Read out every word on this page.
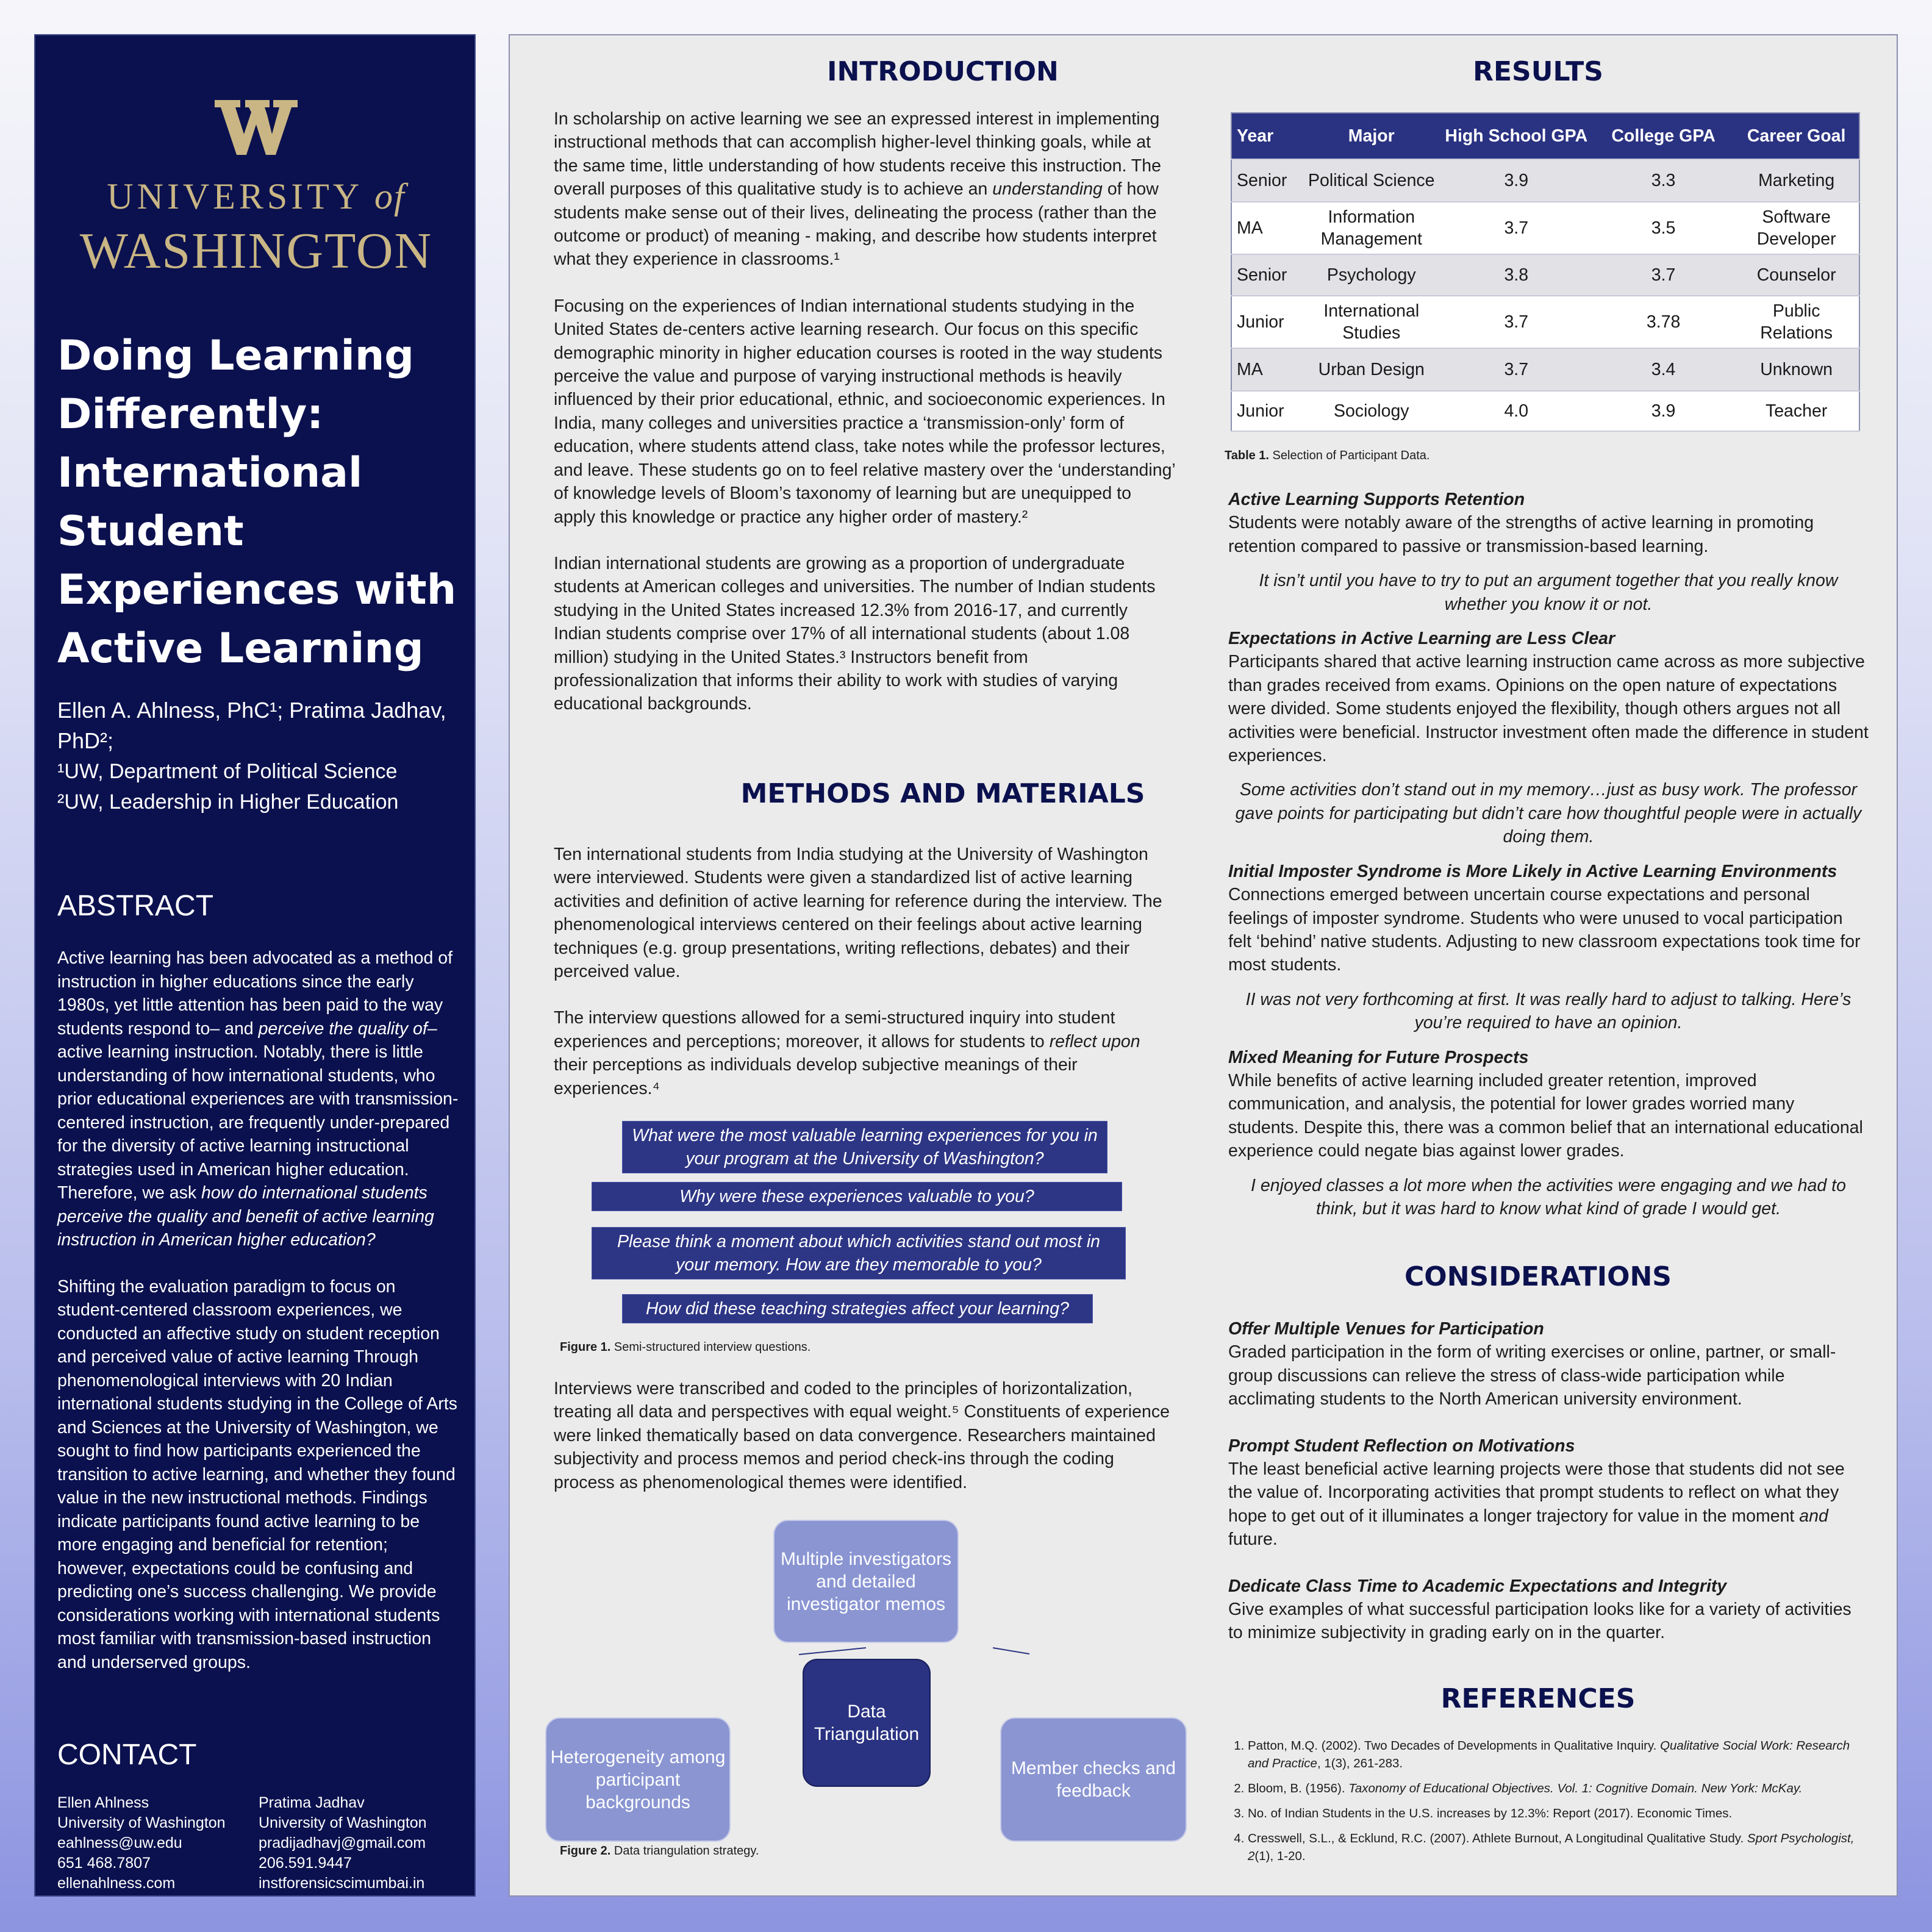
UNIVERSITY of
WASHINGTON
Doing Learning Differently: International Student Experiences with Active Learning
Ellen A. Ahlness, PhC¹; Pratima Jadhav, PhD²;
¹UW, Department of Political Science
²UW, Leadership in Higher Education
ABSTRACT

Active learning has been advocated as a method of instruction in higher educations since the early 1980s, yet little attention has been paid to the way students respond to– and perceive the quality of– active learning instruction. Notably, there is little understanding of how international students, who prior educational experiences are with transmission-centered instruction, are frequently under-prepared for the diversity of active learning instructional strategies used in American higher education. Therefore, we ask how do international students perceive the quality and benefit of active learning instruction in American higher education?

Shifting the evaluation paradigm to focus on student-centered classroom experiences, we conducted an affective study on student reception and perceived value of active learning Through phenomenological interviews with 20 Indian international students studying in the College of Arts and Sciences at the University of Washington, we sought to find how participants experienced the transition to active learning, and whether they found value in the new instructional methods. Findings indicate participants found active learning to be more engaging and beneficial for retention; however, expectations could be confusing and predicting one’s success challenging. We provide considerations working with international students most familiar with transmission-based instruction and underserved groups.

CONTACT
Ellen Ahlness
University of Washington
eahlness@uw.edu
651 468.7807
ellenahlness.com
Pratima Jadhav
University of Washington
pradijadhavj@gmail.com
206.591.9447
instforensicscimumbai.in
INTRODUCTION

In scholarship on active learning we see an expressed interest in implementing instructional methods that can accomplish higher-level thinking goals, while at the same time, little understanding of how students receive this instruction. The overall purposes of this qualitative study is to achieve an understanding of how students make sense out of their lives, delineating the process (rather than the outcome or product) of meaning - making, and describe how students interpret what they experience in classrooms.¹

Focusing on the experiences of Indian international students studying in the United States de-centers active learning research. Our focus on this specific demographic minority in higher education courses is rooted in the way students perceive the value and purpose of varying instructional methods is heavily influenced by their prior educational, ethnic, and socioeconomic experiences. In India, many colleges and universities practice a ‘transmission-only’ form of education, where students attend class, take notes while the professor lectures, and leave. These students go on to feel relative mastery over the ‘understanding’ of knowledge levels of Bloom’s taxonomy of learning but are unequipped to apply this knowledge or practice any higher order of mastery.²

Indian international students are growing as a proportion of undergraduate students at American colleges and universities. The number of Indian students studying in the United States increased 12.3% from 2016-17, and currently Indian students comprise over 17% of all international students (about 1.08 million) studying in the United States.³ Instructors benefit from professionalization that informs their ability to work with studies of varying educational backgrounds.

METHODS AND MATERIALS

Ten international students from India studying at the University of Washington were interviewed. Students were given a standardized list of active learning activities and definition of active learning for reference during the interview. The phenomenological interviews centered on their feelings about active learning techniques (e.g. group presentations, writing reflections, debates) and their perceived value.

The interview questions allowed for a semi-structured inquiry into student experiences and perceptions; moreover, it allows for students to reflect upon their perceptions as individuals develop subjective meanings of their experiences.⁴

What were the most valuable learning experiences for you in your program at the University of Washington?
Why were these experiences valuable to you?
Please think a moment about which activities stand out most in your memory. How are they memorable to you?
How did these teaching strategies affect your learning?
Figure 1. Semi-structured interview questions.
Interviews were transcribed and coded to the principles of horizontalization, treating all data and perspectives with equal weight.⁵ Constituents of experience were linked thematically based on data convergence. Researchers maintained subjectivity and process memos and period check-ins through the coding process as phenomenological themes were identified.
Multiple investigators and detailed investigator memos
Data Triangulation
Heterogeneity among participant backgrounds
Member checks and feedback
Figure 2. Data triangulation strategy.
RESULTS
Year	Major	High School GPA	College GPA	Career Goal
Senior	Political Science	3.9	3.3	Marketing
MA	Information Management	3.7	3.5	Software Developer
Senior	Psychology	3.8	3.7	Counselor
Junior	International Studies	3.7	3.78	Public Relations
MA	Urban Design	3.7	3.4	Unknown
Junior	Sociology	4.0	3.9	Teacher
Table 1. Selection of Participant Data.
Active Learning Supports Retention
Students were notably aware of the strengths of active learning in promoting retention compared to passive or transmission-based learning.
It isn’t until you have to try to put an argument together that you really know whether you know it or not.
Expectations in Active Learning are Less Clear
Participants shared that active learning instruction came across as more subjective than grades received from exams. Opinions on the open nature of expectations were divided. Some students enjoyed the flexibility, though others argues not all activities were beneficial. Instructor investment often made the difference in student experiences.
Some activities don’t stand out in my memory…just as busy work. The professor gave points for participating but didn’t care how thoughtful people were in actually doing them.
Initial Imposter Syndrome is More Likely in Active Learning Environments
Connections emerged between uncertain course expectations and personal feelings of imposter syndrome. Students who were unused to vocal participation felt ‘behind’ native students. Adjusting to new classroom expectations took time for most students.
II was not very forthcoming at first. It was really hard to adjust to talking. Here’s you’re required to have an opinion.
Mixed Meaning for Future Prospects
While benefits of active learning included greater retention, improved communication, and analysis, the potential for lower grades worried many students. Despite this, there was a common belief that an international educational experience could negate bias against lower grades.
I enjoyed classes a lot more when the activities were engaging and we had to think, but it was hard to know what kind of grade I would get.
CONSIDERATIONS
Offer Multiple Venues for Participation
Graded participation in the form of writing exercises or online, partner, or small-group discussions can relieve the stress of class-wide participation while acclimating students to the North American university environment.
Prompt Student Reflection on Motivations
The least beneficial active learning projects were those that students did not see the value of. Incorporating activities that prompt students to reflect on what they hope to get out of it illuminates a longer trajectory for value in the moment and future.
Dedicate Class Time to Academic Expectations and Integrity
Give examples of what successful participation looks like for a variety of activities to minimize subjectivity in grading early on in the quarter.
REFERENCES
1. Patton, M.Q. (2002). Two Decades of Developments in Qualitative Inquiry. Qualitative Social Work: Research and Practice, 1(3), 261-283.
2. Bloom, B. (1956). Taxonomy of Educational Objectives. Vol. 1: Cognitive Domain. New York: McKay.
3. No. of Indian Students in the U.S. increases by 12.3%: Report (2017). Economic Times.
4. Cresswell, S.L., & Ecklund, R.C. (2007). Athlete Burnout, A Longitudinal Qualitative Study. Sport Psychologist, 2(1), 1-20.
